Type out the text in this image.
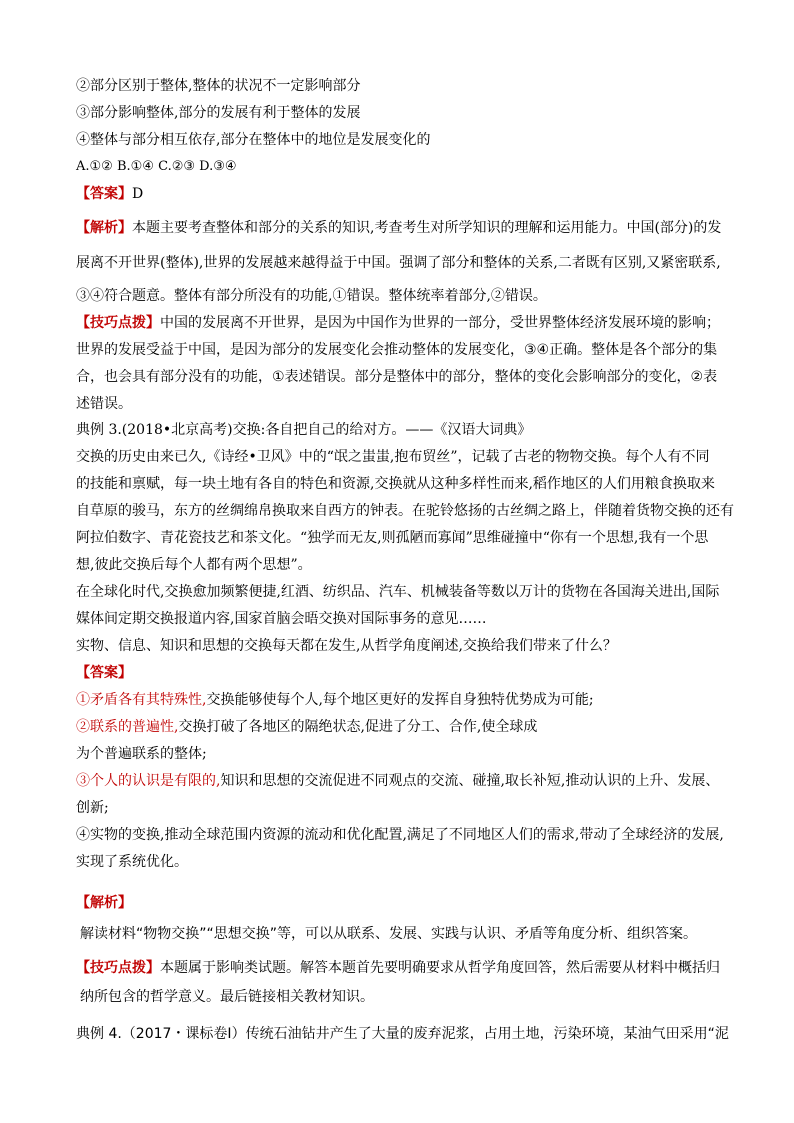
②部分区别于整体,整体的状况不一定影响部分

③部分影响整体,部分的发展有利于整体的发展

④整体与部分相互依存,部分在整体中的地位是发展变化的

A.①② B.①④ C.②③ D.③④

【答案】D

【解析】本题主要考查整体和部分的关系的知识,考查考生对所学知识的理解和运用能力。中国(部分)的发

展离不开世界(整体),世界的发展越来越得益于中国。强调了部分和整体的关系,二者既有区别,又紧密联系,

③④符合题意。整体有部分所没有的功能,①错误。整体统率着部分,②错误。

【技巧点拨】中国的发展离不开世界，是因为中国作为世界的一部分，受世界整体经济发展环境的影响；

世界的发展受益于中国，是因为部分的发展变化会推动整体的发展变化，③④正确。整体是各个部分的集

合，也会具有部分没有的功能，①表述错误。部分是整体中的部分，整体的变化会影响部分的变化，②表

述错误。

典例 3.(2018•北京高考)交换:各自把自己的给对方。——《汉语大词典》

交换的历史由来已久,《诗经•卫风》中的“氓之蚩蚩,抱布贸丝”，记载了古老的物物交换。每个人有不同

的技能和禀赋，每一块土地有各自的特色和资源,交换就从这种多样性而来,稻作地区的人们用粮食换取来

自草原的骏马，东方的丝绸绵帛换取来自西方的钟表。在驼铃悠扬的古丝绸之路上，伴随着货物交换的还有

阿拉伯数字、青花瓷技艺和茶文化。“独学而无友,则孤陋而寡闻”思维碰撞中“你有一个思想,我有一个思

想,彼此交换后每个人都有两个思想”。

在全球化时代,交换愈加频繁便捷,红酒、纺织品、汽车、机械装备等数以万计的货物在各国海关进出,国际

媒体间定期交换报道内容,国家首脑会晤交换对国际事务的意见……

实物、信息、知识和思想的交换每天都在发生,从哲学角度阐述,交换给我们带来了什么？

【答案】

①矛盾各有其特殊性,交换能够使每个人,每个地区更好的发挥自身独特优势成为可能;

②联系的普遍性,交换打破了各地区的隔绝状态,促进了分工、合作,使全球成

为个普遍联系的整体;

③个人的认识是有限的,知识和思想的交流促进不同观点的交流、碰撞,取长补短,推动认识的上升、发展、

创新;

④实物的变换,推动全球范围内资源的流动和优化配置,满足了不同地区人们的需求,带动了全球经济的发展,

实现了系统优化。

【解析】

解读材料“物物交换”“思想交换”等，可以从联系、发展、实践与认识、矛盾等角度分析、组织答案。

【技巧点拨】本题属于影响类试题。解答本题首先要明确要求从哲学角度回答，然后需要从材料中概括归

纳所包含的哲学意义。最后链接相关教材知识。

典例 4.（2017・课标卷Ⅰ）传统石油钻井产生了大量的废弃泥浆，占用土地，污染环境，某油气田采用“泥
